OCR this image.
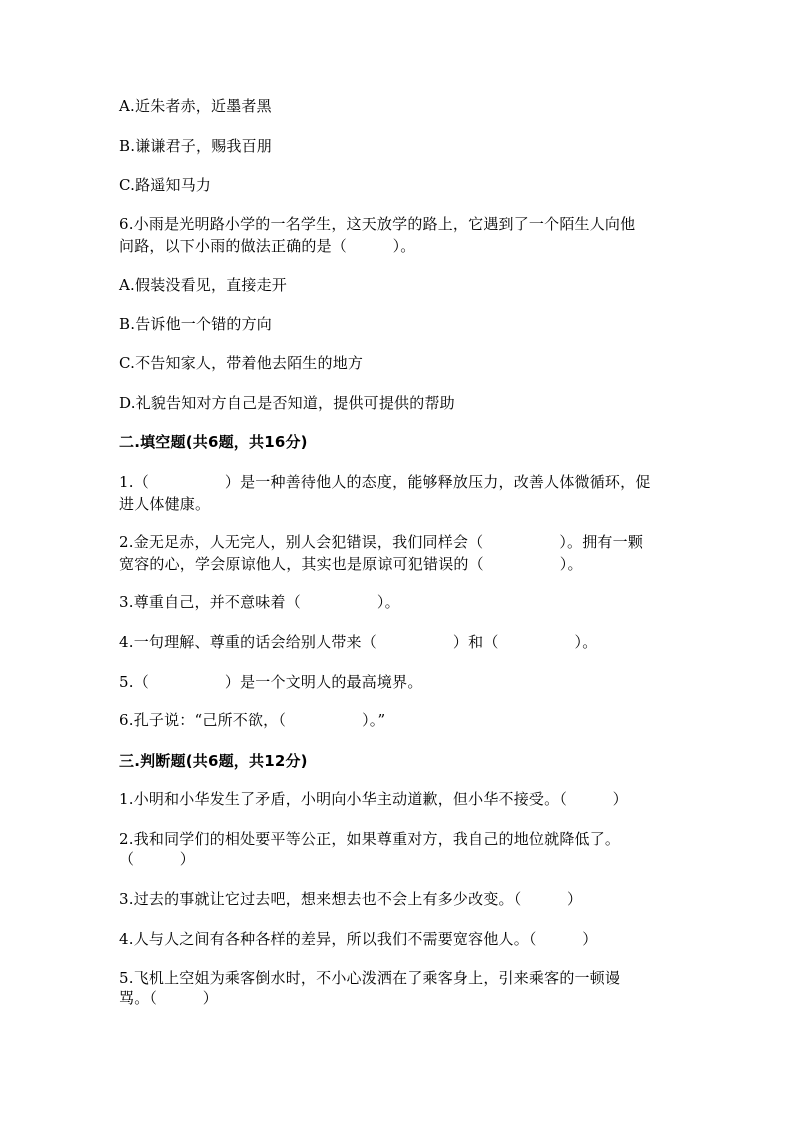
A.近朱者赤，近墨者黑
B.谦谦君子，赐我百朋
C.路遥知马力
6.小雨是光明路小学的一名学生，这天放学的路上，它遇到了一个陌生人向他
问路，以下小雨的做法正确的是（　　　）。
A.假装没看见，直接走开
B.告诉他一个错的方向
C.不告知家人，带着他去陌生的地方
D.礼貌告知对方自己是否知道，提供可提供的帮助
二.填空题(共6题，共16分)
1.（　　　　　）是一种善待他人的态度，能够释放压力，改善人体微循环，促
进人体健康。
2.金无足赤，人无完人，别人会犯错误，我们同样会（　　　　　）。拥有一颗
宽容的心，学会原谅他人，其实也是原谅可犯错误的（　　　　　）。
3.尊重自己，并不意味着（　　　　　）。
4.一句理解、尊重的话会给别人带来（　　　　　）和（　　　　　）。
5.（　　　　　）是一个文明人的最高境界。
6.孔子说：“己所不欲，（　　　　　）。”
三.判断题(共6题，共12分)
1.小明和小华发生了矛盾，小明向小华主动道歉，但小华不接受。（　　　）
2.我和同学们的相处要平等公正，如果尊重对方，我自己的地位就降低了。
（　　　）
3.过去的事就让它过去吧，想来想去也不会上有多少改变。（　　　）
4.人与人之间有各种各样的差异，所以我们不需要宽容他人。（　　　）
5.飞机上空姐为乘客倒水时，不小心泼洒在了乘客身上，引来乘客的一顿谩
骂。（　　　）
